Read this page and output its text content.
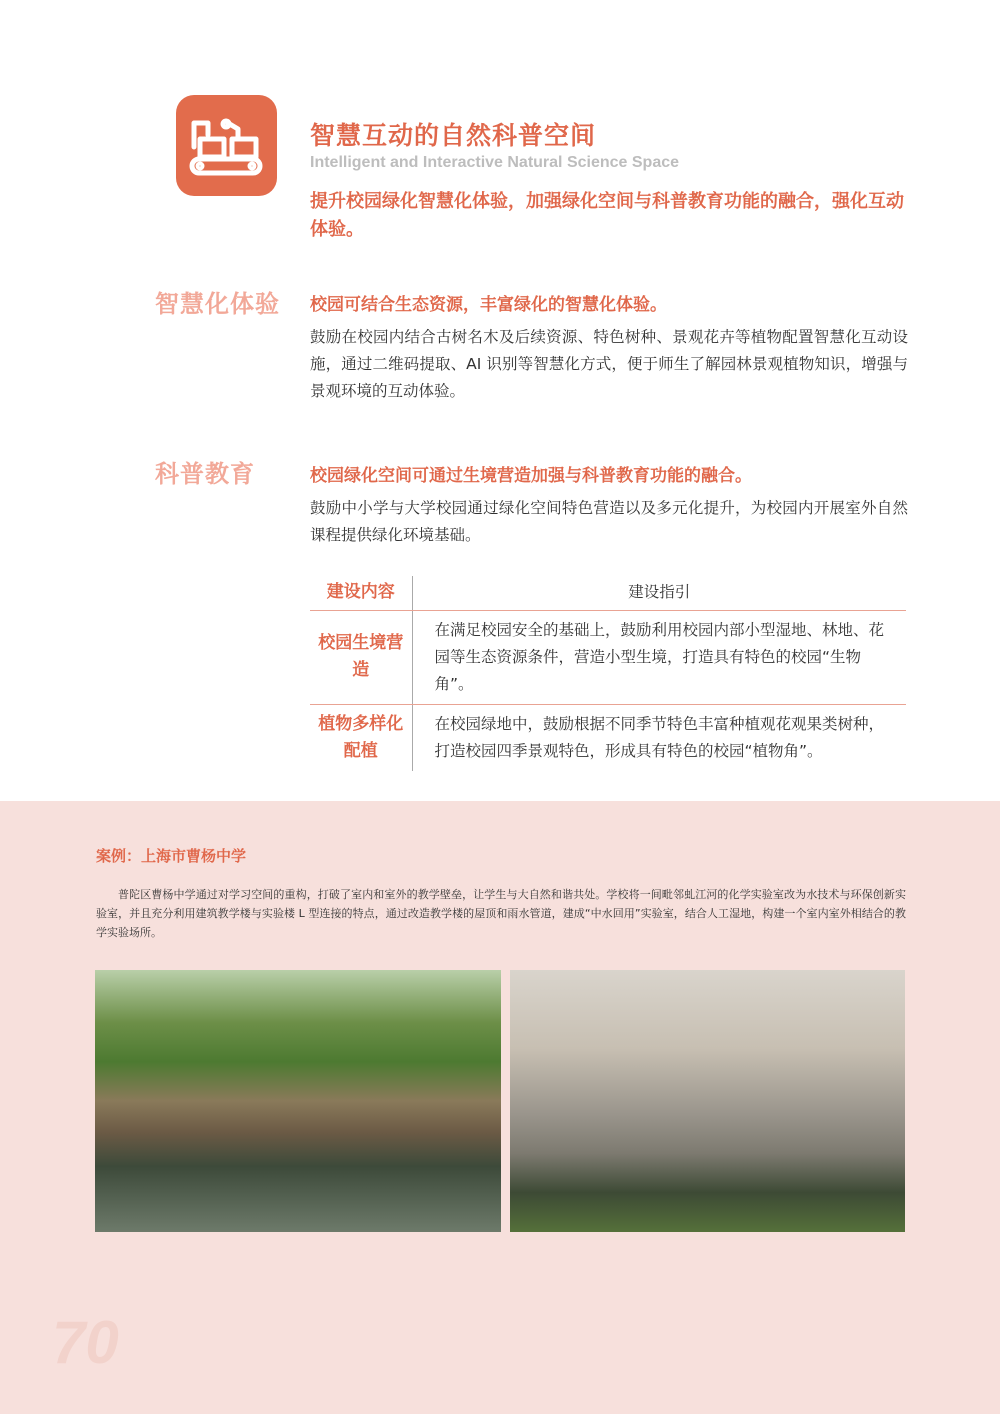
智慧互动的自然科普空间
Intelligent and Interactive Natural Science Space
提升校园绿化智慧化体验，加强绿化空间与科普教育功能的融合，强化互动体验。
智慧化体验 校园可结合生态资源，丰富绿化的智慧化体验。
鼓励在校园内结合古树名木及后续资源、特色树种、景观花卉等植物配置智慧化互动设施，通过二维码提取、AI 识别等智慧化方式，便于师生了解园林景观植物知识，增强与景观环境的互动体验。
科普教育	校园绿化空间可通过生境营造加强与科普教育功能的融合。
鼓励中小学与大学校园通过绿化空间特色营造以及多元化提升，为校园内开展室外自然课程提供绿化环境基础。
建设内容	建设指引
校园生境营造	在满足校园安全的基础上，鼓励利用校园内部小型湿地、林地、花园等生态资源条件，营造小型生境，打造具有特色的校园“生物角”。
植物多样化配植	在校园绿地中，鼓励根据不同季节特色丰富种植观花观果类树种，打造校园四季景观特色，形成具有特色的校园“植物角”。
案例：上海市曹杨中学
普陀区曹杨中学通过对学习空间的重构，打破了室内和室外的教学壁垒，让学生与大自然和谐共处。学校将一间毗邻虬江河的化学实验室改为水技术与环保创新实验室，并且充分利用建筑教学楼与实验楼 L 型连接的特点，通过改造教学楼的屋顶和雨水管道，建成“中水回用”实验室，结合人工湿地，构建一个室内室外相结合的教学实验场所。
70
